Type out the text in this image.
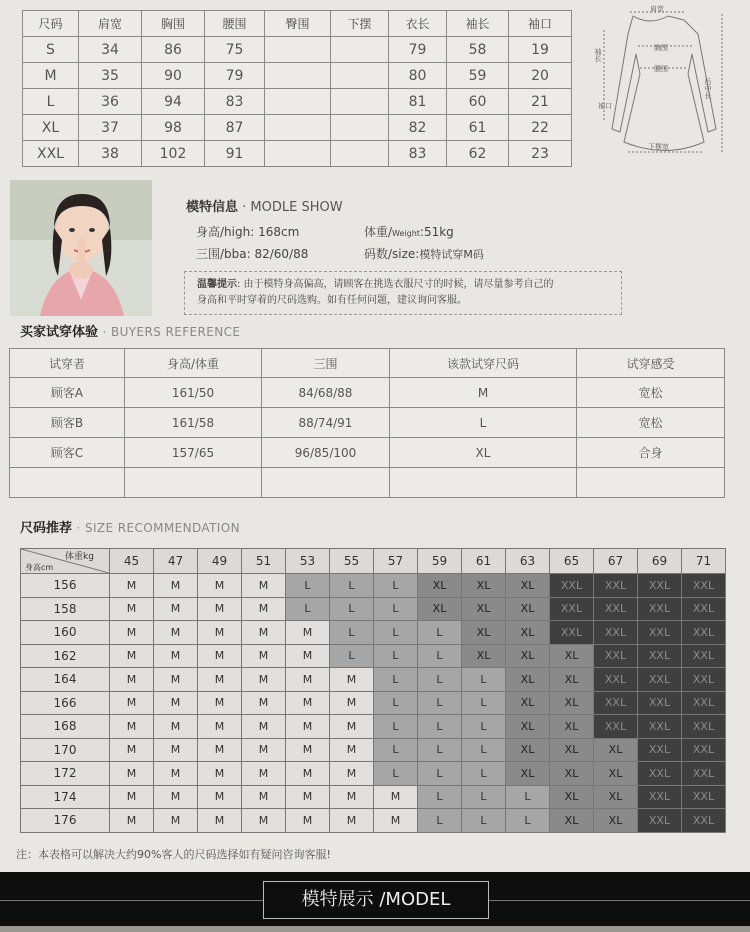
尺码	肩宽	胸围	腰围	臀围	下摆	衣长	袖长	袖口
S	34	86	75			79	58	19
M	35	90	79			80	59	20
L	36	94	83			81	60	21
XL	37	98	87			82	61	22
XXL	38	102	91			83	62	23
肩宽
胸围
腰围
下摆宽
袖口
袖长
后中长
模特信息 · MODLE SHOW
身高/high: 168cm	体重/Weight:51kg
三围/bba: 82/60/88	码数/size:模特试穿M码
温馨提示: 由于模特身高偏高，请顾客在挑选衣服尺寸的时候，请尽量参考自己的
身高和平时穿着的尺码选购。如有任何问题，建议询问客服。
买家试穿体验 · BUYERS REFERENCE
试穿者	身高/体重	三围	该款试穿尺码	试穿感受
顾客A	161/50	84/68/88	M	宽松
顾客B	161/58	88/74/91	L	宽松
顾客C	157/65	96/85/100	XL	合身

尺码推荐 · SIZE RECOMMENDATION
体重kg
身高cm	45	47	49	51	53	55	57	59	61	63	65	67	69	71
156	M	M	M	M	L	L	L	XL	XL	XL	XXL	XXL	XXL	XXL
158	M	M	M	M	L	L	L	XL	XL	XL	XXL	XXL	XXL	XXL
160	M	M	M	M	M	L	L	L	XL	XL	XXL	XXL	XXL	XXL
162	M	M	M	M	M	L	L	L	XL	XL	XL	XXL	XXL	XXL
164	M	M	M	M	M	M	L	L	L	XL	XL	XXL	XXL	XXL
166	M	M	M	M	M	M	L	L	L	XL	XL	XXL	XXL	XXL
168	M	M	M	M	M	M	L	L	L	XL	XL	XXL	XXL	XXL
170	M	M	M	M	M	M	L	L	L	XL	XL	XL	XXL	XXL
172	M	M	M	M	M	M	L	L	L	XL	XL	XL	XXL	XXL
174	M	M	M	M	M	M	M	L	L	L	XL	XL	XXL	XXL
176	M	M	M	M	M	M	M	L	L	L	XL	XL	XXL	XXL
注：本表格可以解决大约90%客人的尺码选择如有疑问咨询客服!
模特展示 /MODEL
